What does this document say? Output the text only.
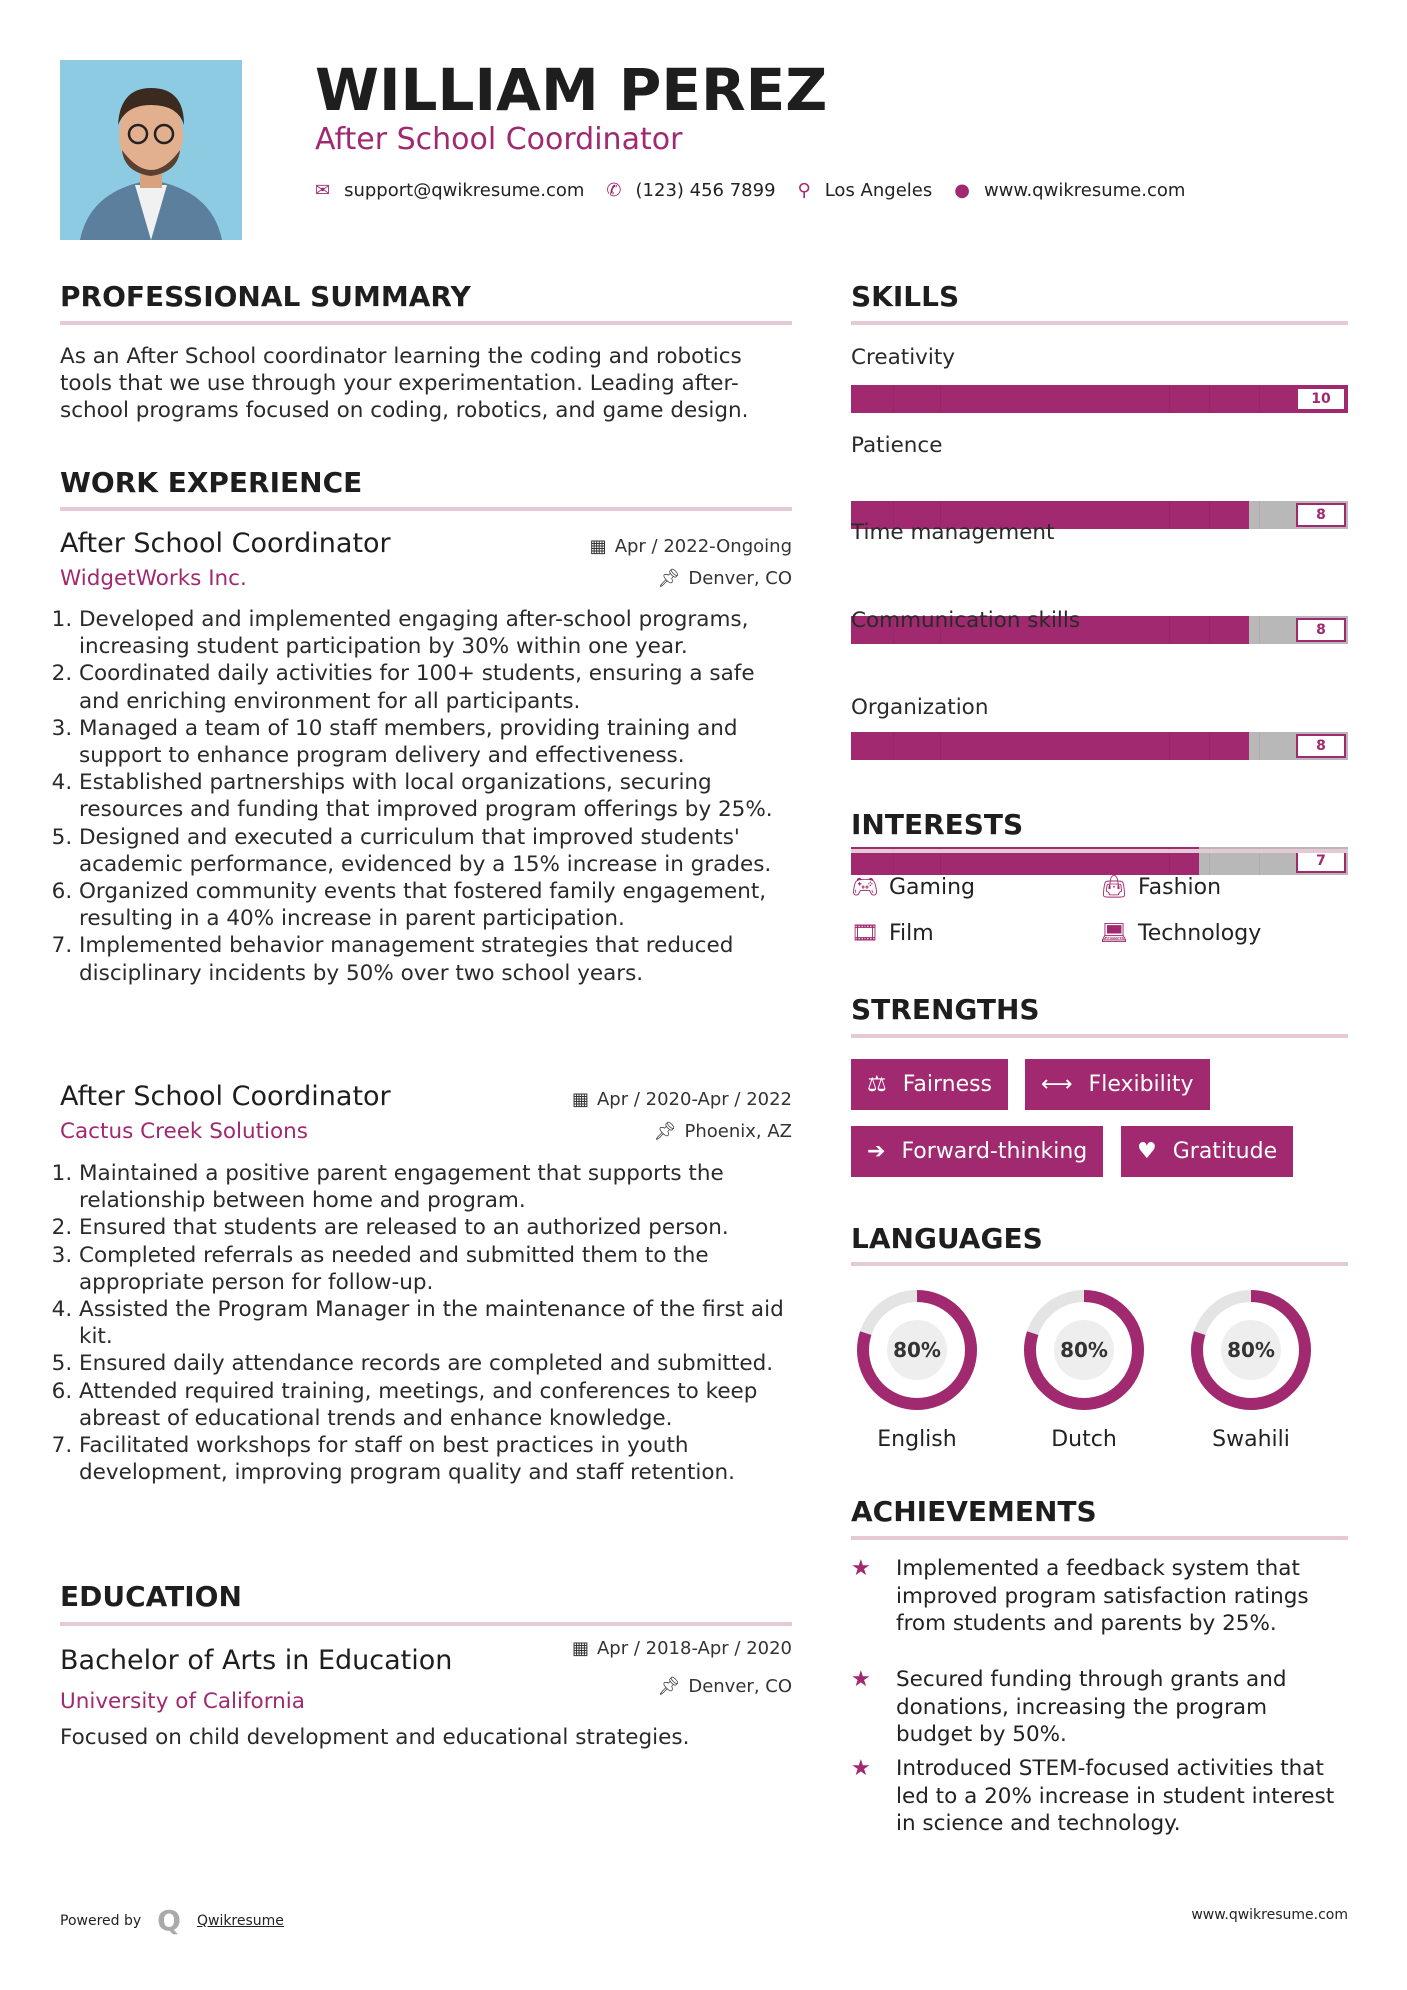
WILLIAM PEREZ
After School Coordinator
✉ support@qwikresume.com ✆ (123) 456 7899 ⚲ Los Angeles ● www.qwikresume.com
PROFESSIONAL SUMMARY
As an After School coordinator learning the coding and robotics tools that we use through your experimentation. Leading after-school programs focused on coding, robotics, and game design.
WORK EXPERIENCE
After School Coordinator	▦ Apr / 2022-Ongoing
WidgetWorks Inc.	📌︎ Denver, CO
1. Developed and implemented engaging after-school programs, increasing student participation by 30% within one year.
2. Coordinated daily activities for 100+ students, ensuring a safe and enriching environment for all participants.
3. Managed a team of 10 staff members, providing training and support to enhance program delivery and effectiveness.
4. Established partnerships with local organizations, securing resources and funding that improved program offerings by 25%.
5. Designed and executed a curriculum that improved students' academic performance, evidenced by a 15% increase in grades.
6. Organized community events that fostered family engagement, resulting in a 40% increase in parent participation.
7. Implemented behavior management strategies that reduced disciplinary incidents by 50% over two school years.
After School Coordinator	▦ Apr / 2020-Apr / 2022
Cactus Creek Solutions	📌︎ Phoenix, AZ
1. Maintained a positive parent engagement that supports the relationship between home and program.
2. Ensured that students are released to an authorized person.
3. Completed referrals as needed and submitted them to the appropriate person for follow-up.
4. Assisted the Program Manager in the maintenance of the first aid kit.
5. Ensured daily attendance records are completed and submitted.
6. Attended required training, meetings, and conferences to keep abreast of educational trends and enhance knowledge.
7. Facilitated workshops for staff on best practices in youth development, improving program quality and staff retention.
EDUCATION
Bachelor of Arts in Education	▦ Apr / 2018-Apr / 2020
University of California
📌︎ Denver, CO
Focused on child development and educational strategies.
SKILLS
Creativity
10
Patience
8
Time management
8
Communication skills
8
Organization
7
INTERESTS
🎮︎ Gaming	👜︎ Fashion
🎞︎ Film	💻︎ Technology
STRENGTHS
⚖ Fairness ⟷ Flexibility
➔ Forward-thinking ♥ Gratitude
LANGUAGES
80%
English
80%
Dutch
80%
Swahili
ACHIEVEMENTS
★	Implemented a feedback system that improved program satisfaction ratings from students and parents by 25%.
★	Secured funding through grants and donations, increasing the program budget by 50%.
★	Introduced STEM-focused activities that led to a 20% increase in student interest in science and technology.
Powered by Q Qwikresume	www.qwikresume.com
